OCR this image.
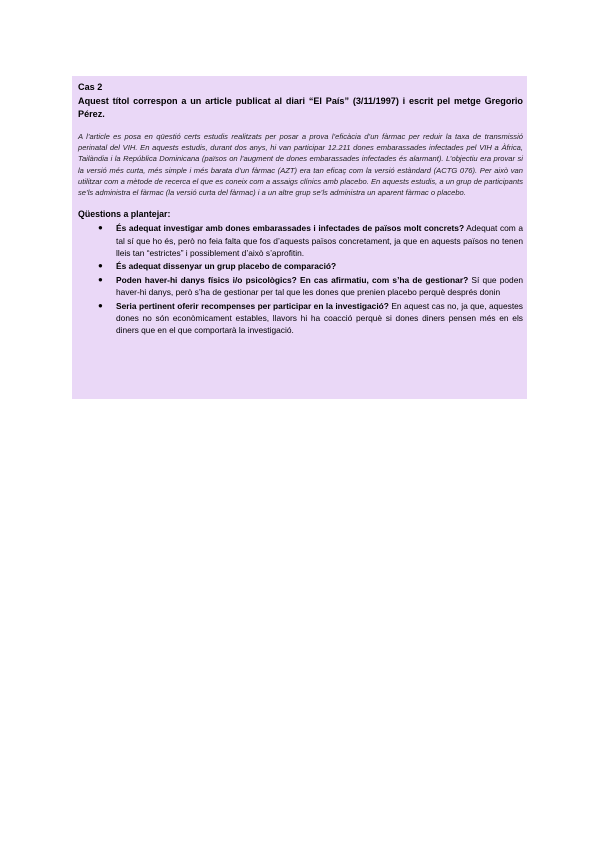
Cas 2

Aquest títol correspon a un article publicat al diari “El País” (3/11/1997) i escrit pel metge Gregorio Pérez.

A l’article es posa en qüestió certs estudis realitzats per posar a prova l’eficàcia d’un fàrmac per reduir la taxa de transmissió perinatal del VIH. En aquests estudis, durant dos anys, hi van participar 12.211 dones embarassades infectades pel VIH a Àfrica, Tailàndia i la República Dominicana (països on l’augment de dones embarassades infectades és alarmant). L’objectiu era provar si la versió més curta, més simple i més barata d’un fàrmac (AZT) era tan eficaç com la versió estàndard (ACTG 076). Per això van utilitzar com a mètode de recerca el que es coneix com a assaigs clínics amb placebo. En aquests estudis, a un grup de participants se’ls administra el fàrmac (la versió curta del fàrmac) i a un altre grup se’ls administra un aparent fàrmac o placebo.

Qüestions a plantejar:

● És adequat investigar amb dones embarassades i infectades de països molt concrets? Adequat com a tal sí que ho és, però no feia falta que fos d’aquests països concretament, ja que en aquests països no tenen lleis tan “estrictes” i possiblement d’això s’aprofitin.
● És adequat dissenyar un grup placebo de comparació?
● Poden haver-hi danys físics i/o psicològics? En cas afirmatiu, com s’ha de gestionar? Sí que poden haver-hi danys, però s’ha de gestionar per tal que les dones que prenien placebo perquè després donin
● Seria pertinent oferir recompenses per participar en la investigació? En aquest cas no, ja que, aquestes dones no són econòmicament estables, llavors hi ha coacció perquè si dones diners pensen més en els diners que en el que comportarà la investigació.
